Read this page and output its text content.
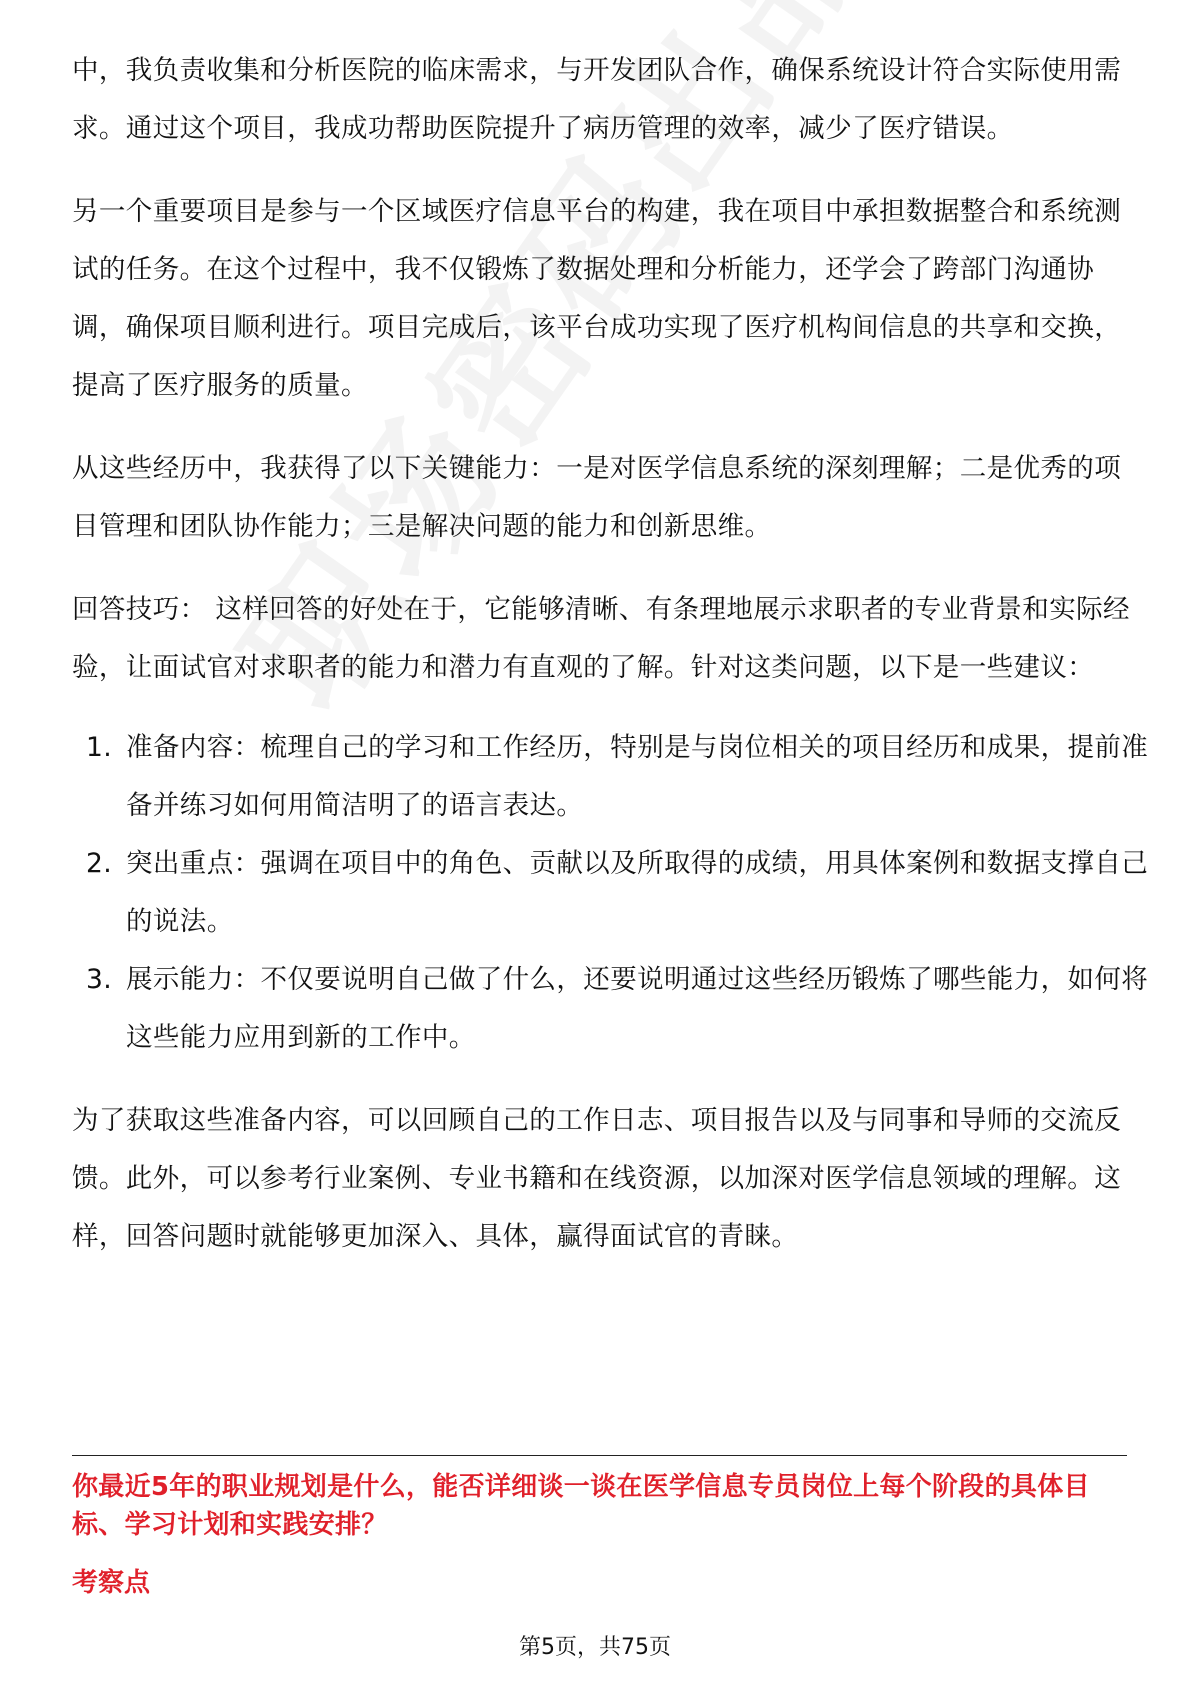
中，我负责收集和分析医院的临床需求，与开发团队合作，确保系统设计符合实际使用需求。通过这个项目，我成功帮助医院提升了病历管理的效率，减少了医疗错误。

另一个重要项目是参与一个区域医疗信息平台的构建，我在项目中承担数据整合和系统测试的任务。在这个过程中，我不仅锻炼了数据处理和分析能力，还学会了跨部门沟通协调，确保项目顺利进行。项目完成后，该平台成功实现了医疗机构间信息的共享和交换，提高了医疗服务的质量。

从这些经历中，我获得了以下关键能力：一是对医学信息系统的深刻理解；二是优秀的项目管理和团队协作能力；三是解决问题的能力和创新思维。

回答技巧： 这样回答的好处在于，它能够清晰、有条理地展示求职者的专业背景和实际经验，让面试官对求职者的能力和潜力有直观的了解。针对这类问题，以下是一些建议：

1. 准备内容：梳理自己的学习和工作经历，特别是与岗位相关的项目经历和成果，提前准备并练习如何用简洁明了的语言表达。
2. 突出重点：强调在项目中的角色、贡献以及所取得的成绩，用具体案例和数据支撑自己的说法。
3. 展示能力：不仅要说明自己做了什么，还要说明通过这些经历锻炼了哪些能力，如何将这些能力应用到新的工作中。

为了获取这些准备内容，可以回顾自己的工作日志、项目报告以及与同事和导师的交流反馈。此外，可以参考行业案例、专业书籍和在线资源，以加深对医学信息领域的理解。这样，回答问题时就能够更加深入、具体，赢得面试官的青睐。

你最近5年的职业规划是什么，能否详细谈一谈在医学信息专员岗位上每个阶段的具体目标、学习计划和实践安排？
考察点
第5页，共75页
